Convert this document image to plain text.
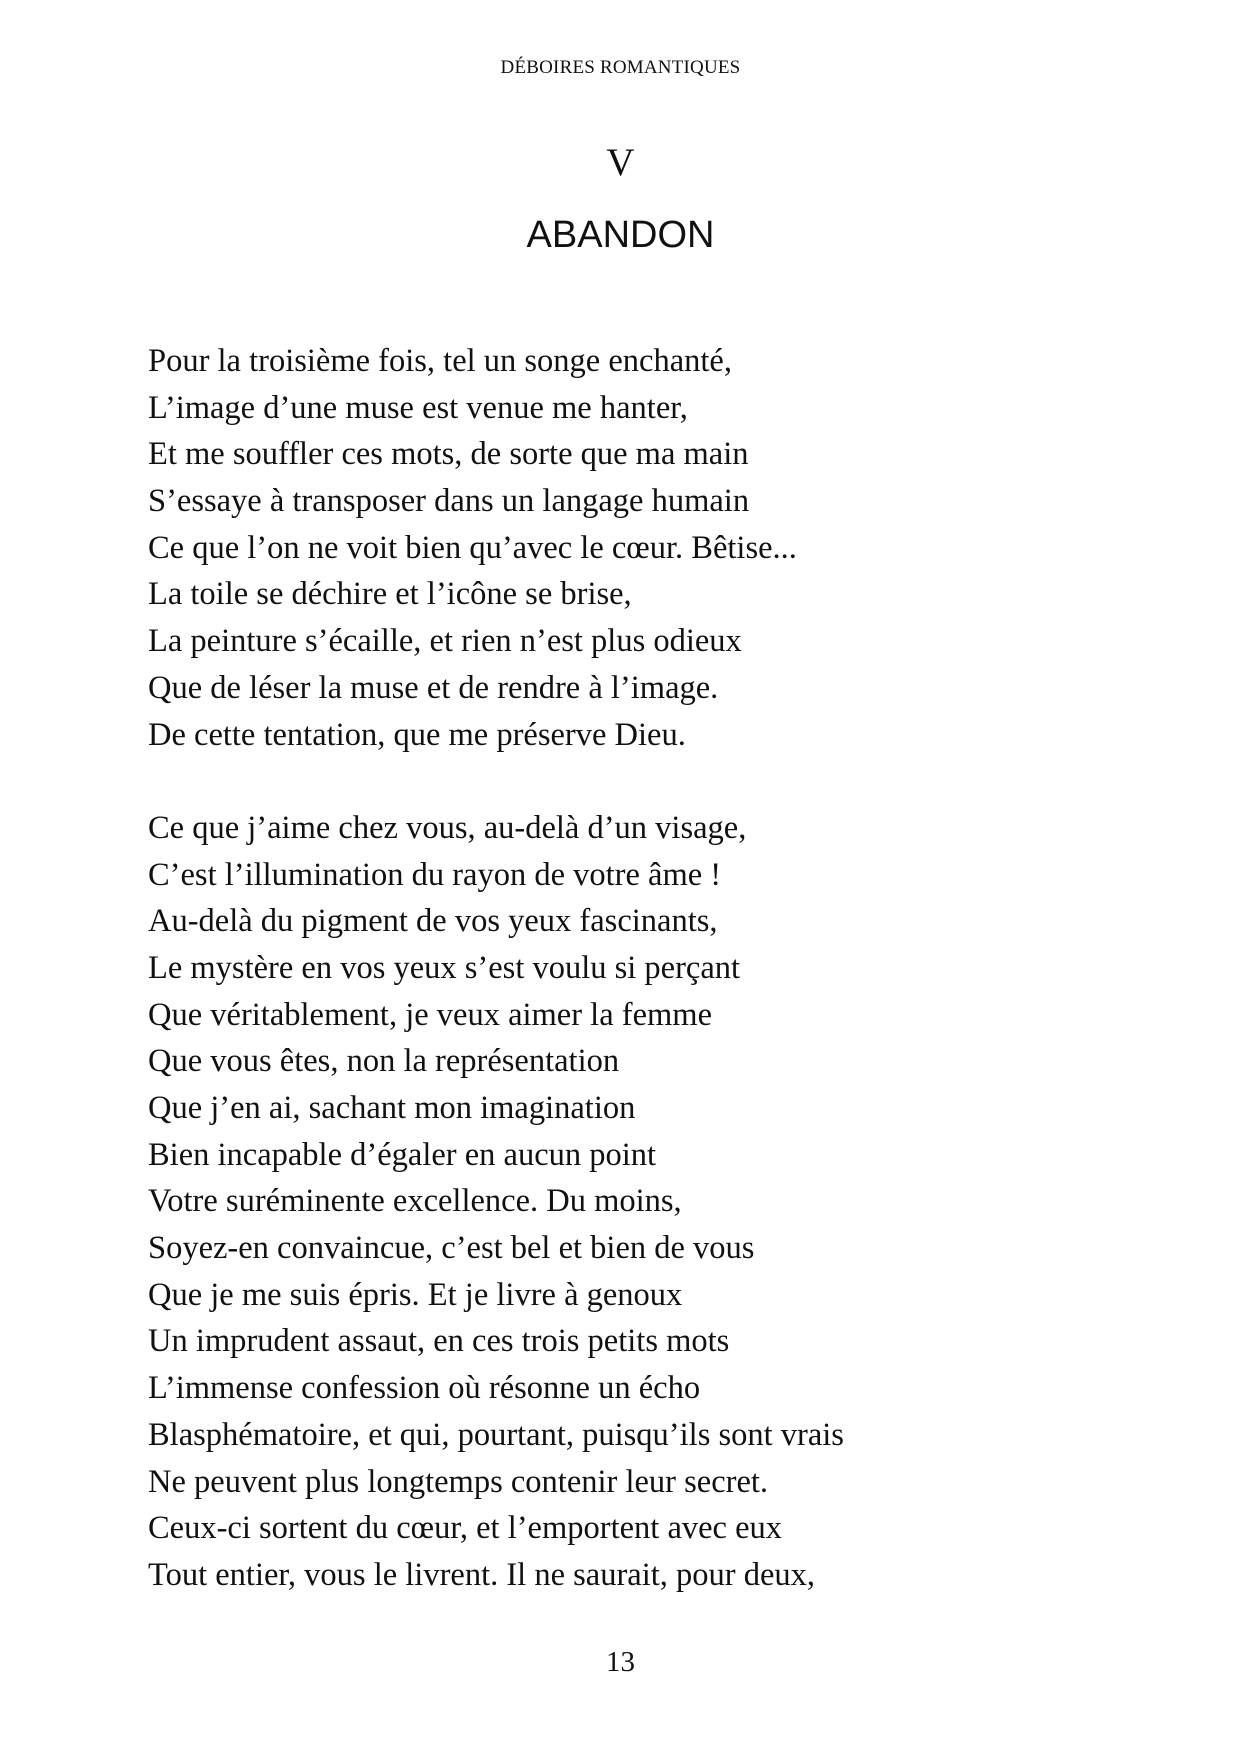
DÉBOIRES ROMANTIQUES
V
ABANDON
Pour la troisième fois, tel un songe enchanté,
L’image d’une muse est venue me hanter,
Et me souffler ces mots, de sorte que ma main
S’essaye à transposer dans un langage humain
Ce que l’on ne voit bien qu’avec le cœur. Bêtise...
La toile se déchire et l’icône se brise,
La peinture s’écaille, et rien n’est plus odieux
Que de léser la muse et de rendre à l’image.
De cette tentation, que me préserve Dieu.
Ce que j’aime chez vous, au-delà d’un visage,
C’est l’illumination du rayon de votre âme !
Au-delà du pigment de vos yeux fascinants,
Le mystère en vos yeux s’est voulu si perçant
Que véritablement, je veux aimer la femme
Que vous êtes, non la représentation
Que j’en ai, sachant mon imagination
Bien incapable d’égaler en aucun point
Votre suréminente excellence. Du moins,
Soyez-en convaincue, c’est bel et bien de vous
Que je me suis épris. Et je livre à genoux
Un imprudent assaut, en ces trois petits mots
L’immense confession où résonne un écho
Blasphématoire, et qui, pourtant, puisqu’ils sont vrais
Ne peuvent plus longtemps contenir leur secret.
Ceux-ci sortent du cœur, et l’emportent avec eux
Tout entier, vous le livrent. Il ne saurait, pour deux,
13
